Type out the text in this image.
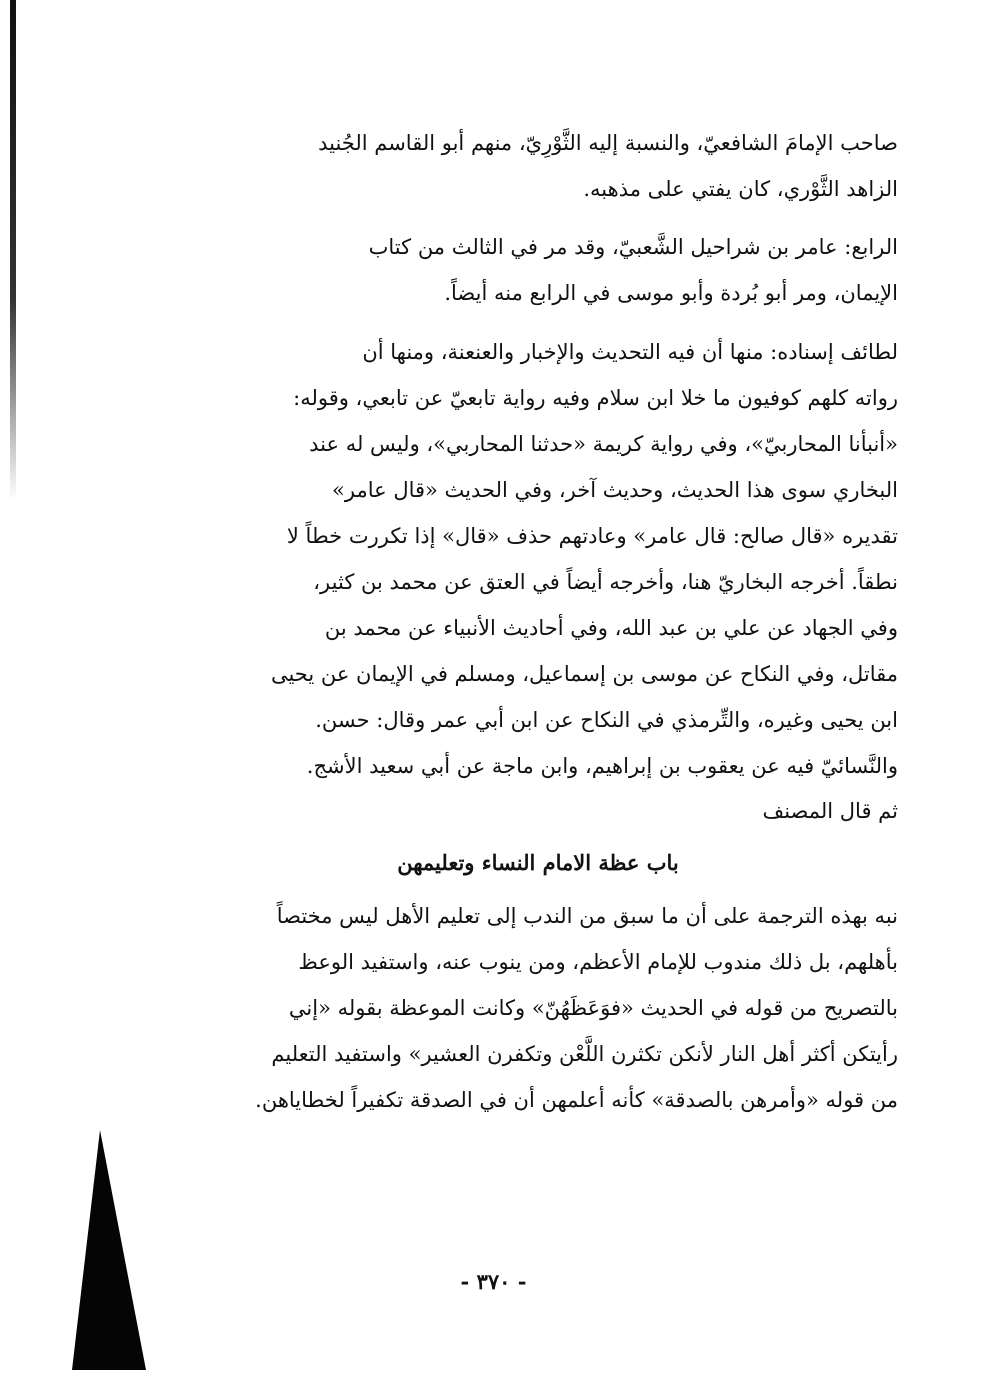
صاحب الإمامَ الشافعيّ، والنسبة إليه الثَّوْرِيّ، منهم أبو القاسم الجُنيد
الزاهد الثَّوْري، كان يفتي على مذهبه.
الرابع: عامر بن شراحيل الشَّعبيّ، وقد مر في الثالث من كتاب
الإيمان، ومر أبو بُردة وأبو موسى في الرابع منه أيضاً.
لطائف إسناده: منها أن فيه التحديث والإخبار والعنعنة، ومنها أن
رواته كلهم كوفيون ما خلا ابن سلام وفيه رواية تابعيّ عن تابعي، وقوله:
«أنبأنا المحاربيّ»، وفي رواية كريمة «حدثنا المحاربي»، وليس له عند
البخاري سوى هذا الحديث، وحديث آخر، وفي الحديث «قال عامر»
تقديره «قال صالح: قال عامر» وعادتهم حذف «قال» إذا تكررت خطاً لا
نطقاً. أخرجه البخاريّ هنا، وأخرجه أيضاً في العتق عن محمد بن كثير،
وفي الجهاد عن علي بن عبد الله، وفي أحاديث الأنبياء عن محمد بن
مقاتل، وفي النكاح عن موسى بن إسماعيل، ومسلم في الإيمان عن يحيى
ابن يحيى وغيره، والتِّرمذي في النكاح عن ابن أبي عمر وقال: حسن.
والنَّسائيّ فيه عن يعقوب بن إبراهيم، وابن ماجة عن أبي سعيد الأشج.
ثم قال المصنف
باب عظة الامام النساء وتعليمهن
نبه بهذه الترجمة على أن ما سبق من الندب إلى تعليم الأهل ليس مختصاً
بأهلهم، بل ذلك مندوب للإمام الأعظم، ومن ينوب عنه، واستفيد الوعظ
بالتصريح من قوله في الحديث «فوَعَظَهُنّ» وكانت الموعظة بقوله «إني
رأيتكن أكثر أهل النار لأنكن تكثرن اللَّعْن وتكفرن العشير» واستفيد التعليم
من قوله «وأمرهن بالصدقة» كأنه أعلمهن أن في الصدقة تكفيراً لخطاياهن.
- ٣٧٠ -
